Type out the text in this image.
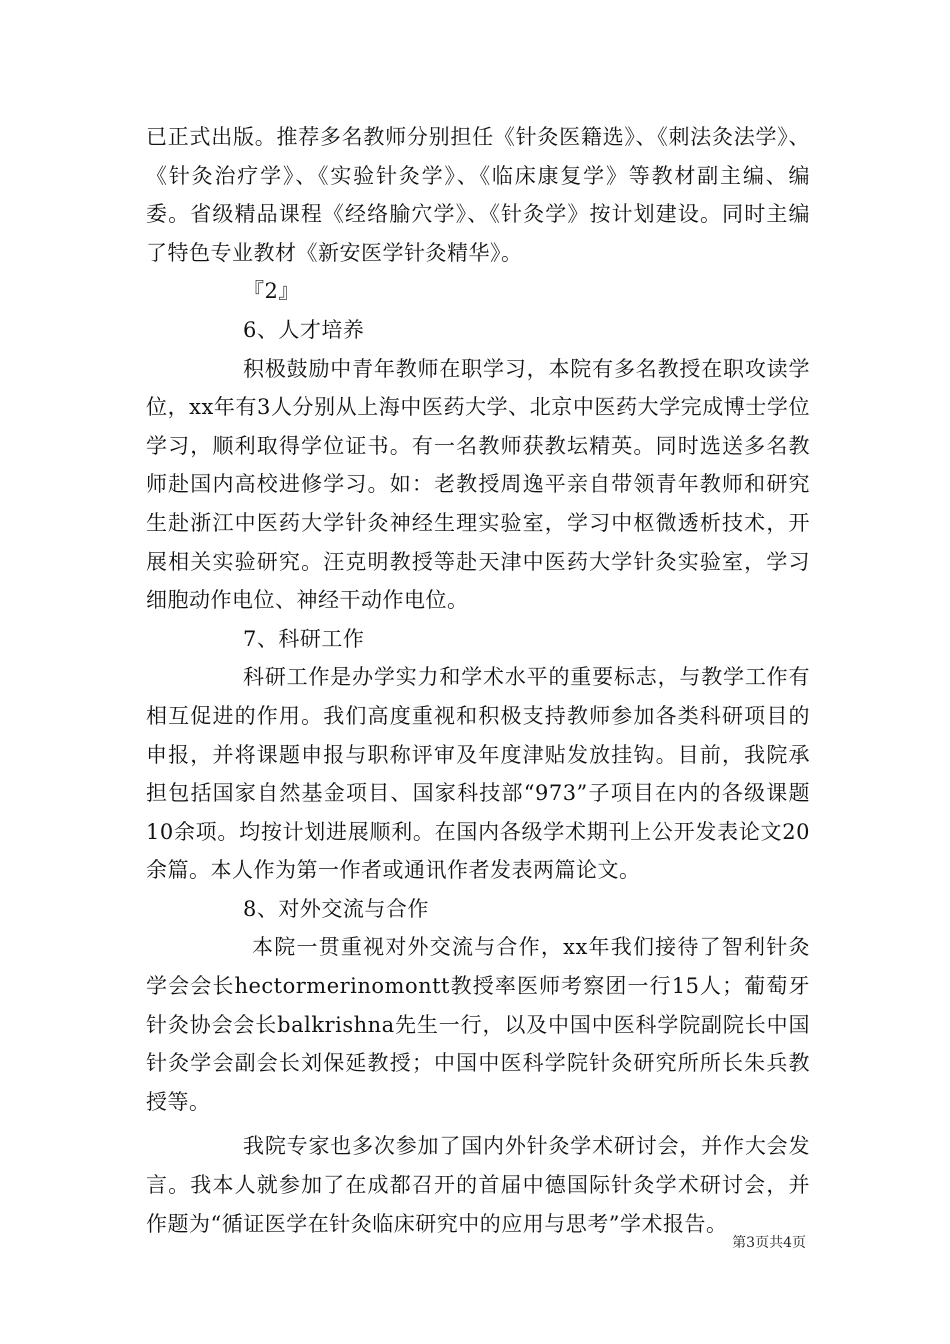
已正式出版。推荐多名教师分别担任《针灸医籍选》、《刺法灸法学》、《针灸治疗学》、《实验针灸学》、《临床康复学》等教材副主编、编委。省级精品课程《经络腧穴学》、《针灸学》按计划建设。同时主编了特色专业教材《新安医学针灸精华》。

『2』

6、人才培养

积极鼓励中青年教师在职学习，本院有多名教授在职攻读学位，xx年有3人分别从上海中医药大学、北京中医药大学完成博士学位学习，顺利取得学位证书。有一名教师获教坛精英。同时选送多名教师赴国内高校进修学习。如：老教授周逸平亲自带领青年教师和研究生赴浙江中医药大学针灸神经生理实验室，学习中枢微透析技术，开展相关实验研究。汪克明教授等赴天津中医药大学针灸实验室，学习细胞动作电位、神经干动作电位。

7、科研工作

科研工作是办学实力和学术水平的重要标志，与教学工作有相互促进的作用。我们高度重视和积极支持教师参加各类科研项目的申报，并将课题申报与职称评审及年度津贴发放挂钩。目前，我院承担包括国家自然基金项目、国家科技部“973”子项目在内的各级课题10余项。均按计划进展顺利。在国内各级学术期刊上公开发表论文20余篇。本人作为第一作者或通讯作者发表两篇论文。

8、对外交流与合作

本院一贯重视对外交流与合作，xx年我们接待了智利针灸学会会长hectormerinomontt教授率医师考察团一行15人；葡萄牙针灸协会会长balkrishna先生一行，以及中国中医科学院副院长中国针灸学会副会长刘保延教授；中国中医科学院针灸研究所所长朱兵教授等。

我院专家也多次参加了国内外针灸学术研讨会，并作大会发言。我本人就参加了在成都召开的首届中德国际针灸学术研讨会，并作题为“循证医学在针灸临床研究中的应用与思考”学术报告。

第3页共4页
